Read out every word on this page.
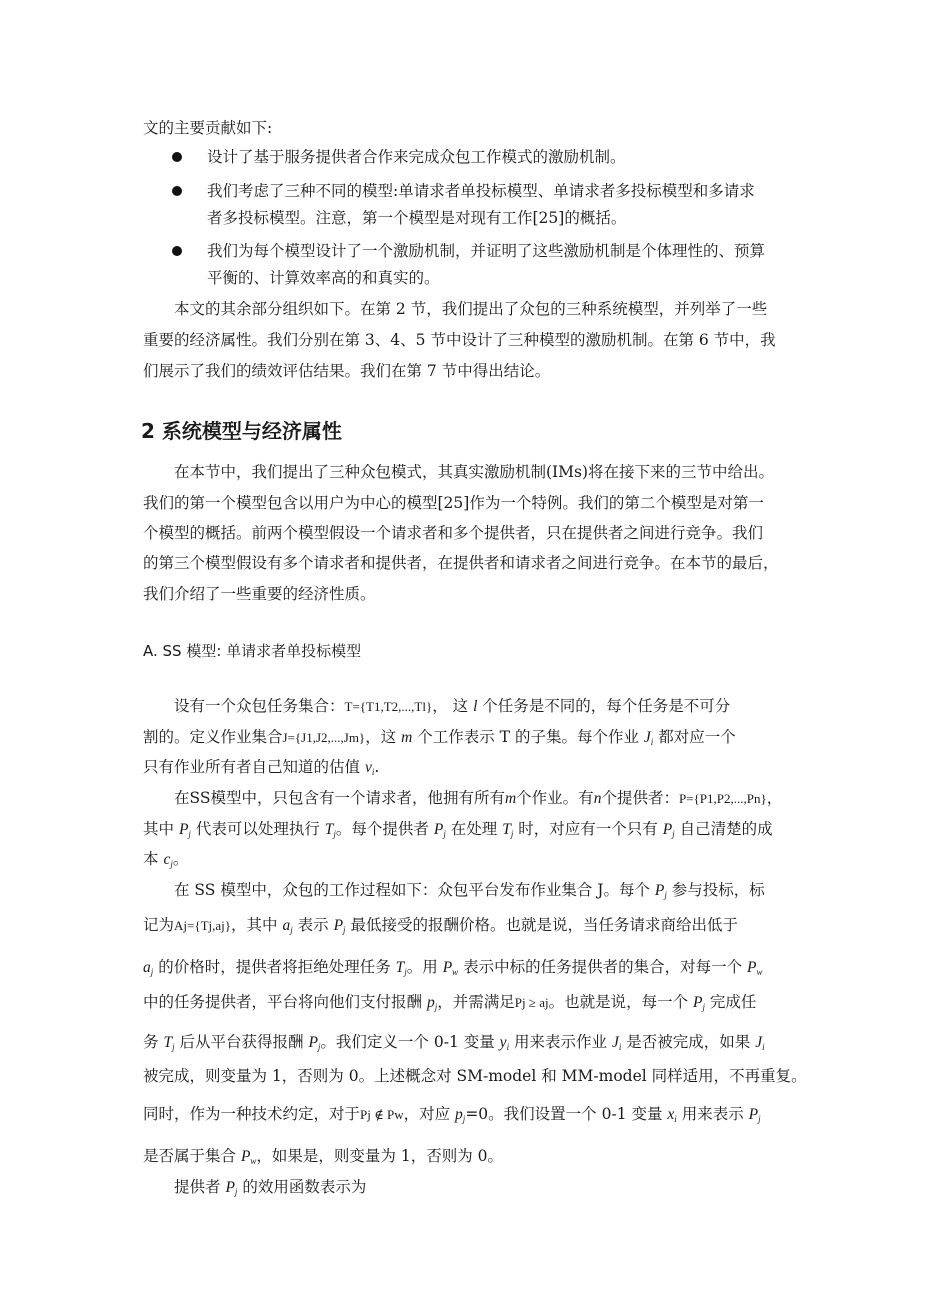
文的主要贡献如下:
设计了基于服务提供者合作来完成众包工作模式的激励机制。
我们考虑了三种不同的模型:单请求者单投标模型、单请求者多投标模型和多请求
者多投标模型。注意，第一个模型是对现有工作[25]的概括。
我们为每个模型设计了一个激励机制，并证明了这些激励机制是个体理性的、预算
平衡的、计算效率高的和真实的。
本文的其余部分组织如下。在第 2 节，我们提出了众包的三种系统模型，并列举了一些
重要的经济属性。我们分别在第 3、4、5 节中设计了三种模型的激励机制。在第 6 节中，我
们展示了我们的绩效评估结果。我们在第 7 节中得出结论。
2 系统模型与经济属性
在本节中，我们提出了三种众包模式，其真实激励机制(IMs)将在接下来的三节中给出。
我们的第一个模型包含以用户为中心的模型[25]作为一个特例。我们的第二个模型是对第一
个模型的概括。前两个模型假设一个请求者和多个提供者，只在提供者之间进行竞争。我们
的第三个模型假设有多个请求者和提供者，在提供者和请求者之间进行竞争。在本节的最后，
我们介绍了一些重要的经济性质。
A. SS 模型: 单请求者单投标模型
设有一个众包任务集合：T={T1,T2,...,Tl}， 这 l 个任务是不同的，每个任务是不可分
割的。定义作业集合J={J1,J2,...,Jm}，这 m 个工作表示 T 的子集。每个作业 $J_i$ 都对应一个
只有作业所有者自己知道的估值 $v_i$.
在SS模型中，只包含有一个请求者，他拥有所有m个作业。有n个提供者：P={P1,P2,...,Pn}，
其中 $P_j$ 代表可以处理执行 $T_j$。每个提供者 $P_j$ 在处理 $T_j$ 时，对应有一个只有 $P_j$ 自己清楚的成
本 $c_j$。
在 SS 模型中，众包的工作过程如下：众包平台发布作业集合 J。每个 $P_j$ 参与投标，标
记为Aj={Tj,aj}，其中 $a_j$ 表示 $P_j$ 最低接受的报酬价格。也就是说，当任务请求商给出低于
$a_j$ 的价格时，提供者将拒绝处理任务 $T_j$。用 $P_w$ 表示中标的任务提供者的集合，对每一个 $P_w$
中的任务提供者，平台将向他们支付报酬 $p_j$，并需满足Pj ≥ aj。也就是说，每一个 $P_j$ 完成任
务 $T_j$ 后从平台获得报酬 $P_j$。我们定义一个 0-1 变量 $y_i$ 用来表示作业 $J_i$ 是否被完成，如果 $J_i$
被完成，则变量为 1，否则为 0。上述概念对 SM-model 和 MM-model 同样适用，不再重复。
同时，作为一种技术约定，对于Pj ∉ Pw，对应 $p_j=0$。我们设置一个 0-1 变量 $x_i$ 用来表示 $P_j$
是否属于集合 $P_w$，如果是，则变量为 1，否则为 0。
提供者 $P_j$ 的效用函数表示为
